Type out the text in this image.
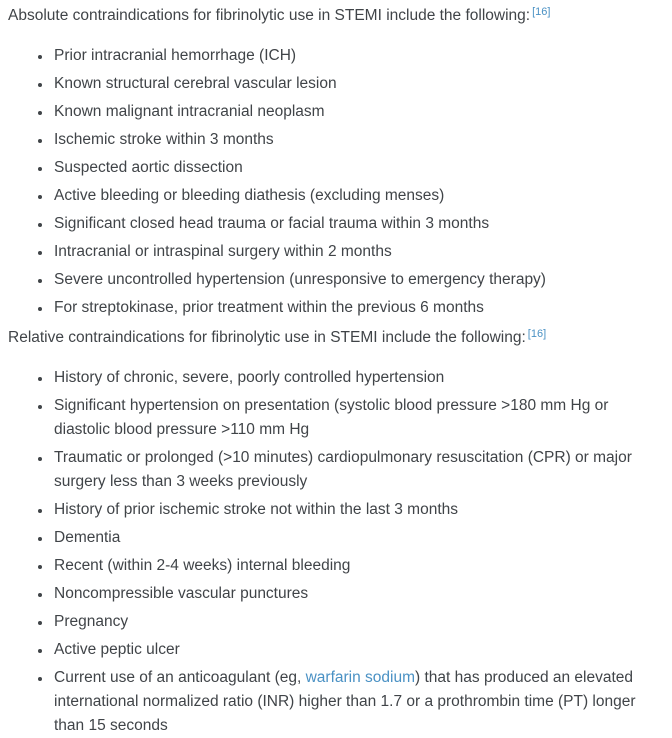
Absolute contraindications for fibrinolytic use in STEMI include the following: [16]

• Prior intracranial hemorrhage (ICH)
• Known structural cerebral vascular lesion
• Known malignant intracranial neoplasm
• Ischemic stroke within 3 months
• Suspected aortic dissection
• Active bleeding or bleeding diathesis (excluding menses)
• Significant closed head trauma or facial trauma within 3 months
• Intracranial or intraspinal surgery within 2 months
• Severe uncontrolled hypertension (unresponsive to emergency therapy)
• For streptokinase, prior treatment within the previous 6 months

Relative contraindications for fibrinolytic use in STEMI include the following: [16]

• History of chronic, severe, poorly controlled hypertension
• Significant hypertension on presentation (systolic blood pressure >180 mm Hg or diastolic blood pressure >110 mm Hg
• Traumatic or prolonged (>10 minutes) cardiopulmonary resuscitation (CPR) or major surgery less than 3 weeks previously
• History of prior ischemic stroke not within the last 3 months
• Dementia
• Recent (within 2-4 weeks) internal bleeding
• Noncompressible vascular punctures
• Pregnancy
• Active peptic ulcer
• Current use of an anticoagulant (eg, warfarin sodium) that has produced an elevated international normalized ratio (INR) higher than 1.7 or a prothrombin time (PT) longer than 15 seconds
